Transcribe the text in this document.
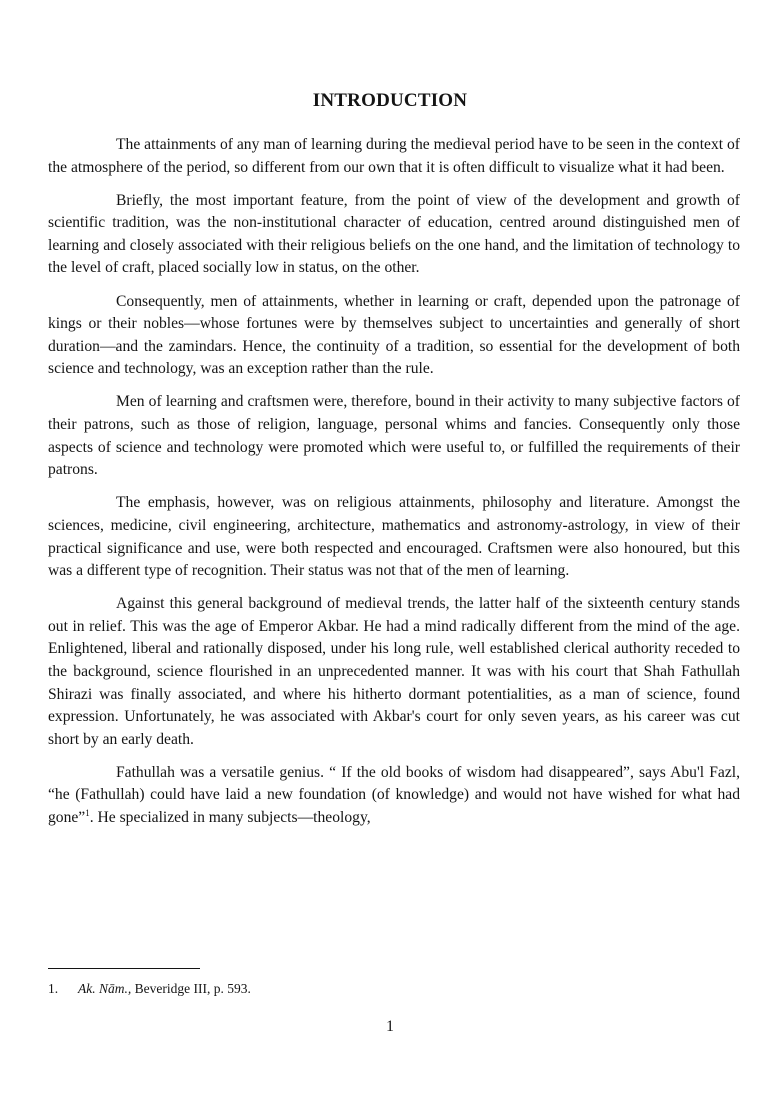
INTRODUCTION

The attainments of any man of learning during the medieval period have to be seen in the context of the atmosphere of the period, so different from our own that it is often difficult to visualize what it had been.

Briefly, the most important feature, from the point of view of the development and growth of scientific tradition, was the non-institutional character of education, centred around distinguished men of learning and closely associated with their religious beliefs on the one hand, and the limitation of technology to the level of craft, placed socially low in status, on the other.

Consequently, men of attainments, whether in learning or craft, depended upon the patronage of kings or their nobles—whose fortunes were by themselves subject to uncertainties and generally of short duration—and the zamindars. Hence, the continuity of a tradition, so essential for the development of both science and technology, was an exception rather than the rule.

Men of learning and craftsmen were, therefore, bound in their activity to many subjective factors of their patrons, such as those of religion, language, personal whims and fancies. Consequently only those aspects of science and technology were promoted which were useful to, or fulfilled the requirements of their patrons.

The emphasis, however, was on religious attainments, philosophy and literature. Amongst the sciences, medicine, civil engineering, architecture, mathematics and astronomy-astrology, in view of their practical significance and use, were both respected and encouraged. Craftsmen were also honoured, but this was a different type of recognition. Their status was not that of the men of learning.

Against this general background of medieval trends, the latter half of the sixteenth century stands out in relief. This was the age of Emperor Akbar. He had a mind radically different from the mind of the age. Enlightened, liberal and rationally disposed, under his long rule, well established clerical authority receded to the background, science flourished in an unprecedented manner. It was with his court that Shah Fathullah Shirazi was finally associated, and where his hitherto dormant potentialities, as a man of science, found expression. Unfortunately, he was associated with Akbar's court for only seven years, as his career was cut short by an early death.

Fathullah was a versatile genius. “ If the old books of wisdom had disappeared”, says Abu'l Fazl, “he (Fathullah) could have laid a new foundation (of knowledge) and would not have wished for what had gone”$^1$. He specialized in many subjects—theology,

1. Ak. Nām., Beveridge III, p. 593.

1
